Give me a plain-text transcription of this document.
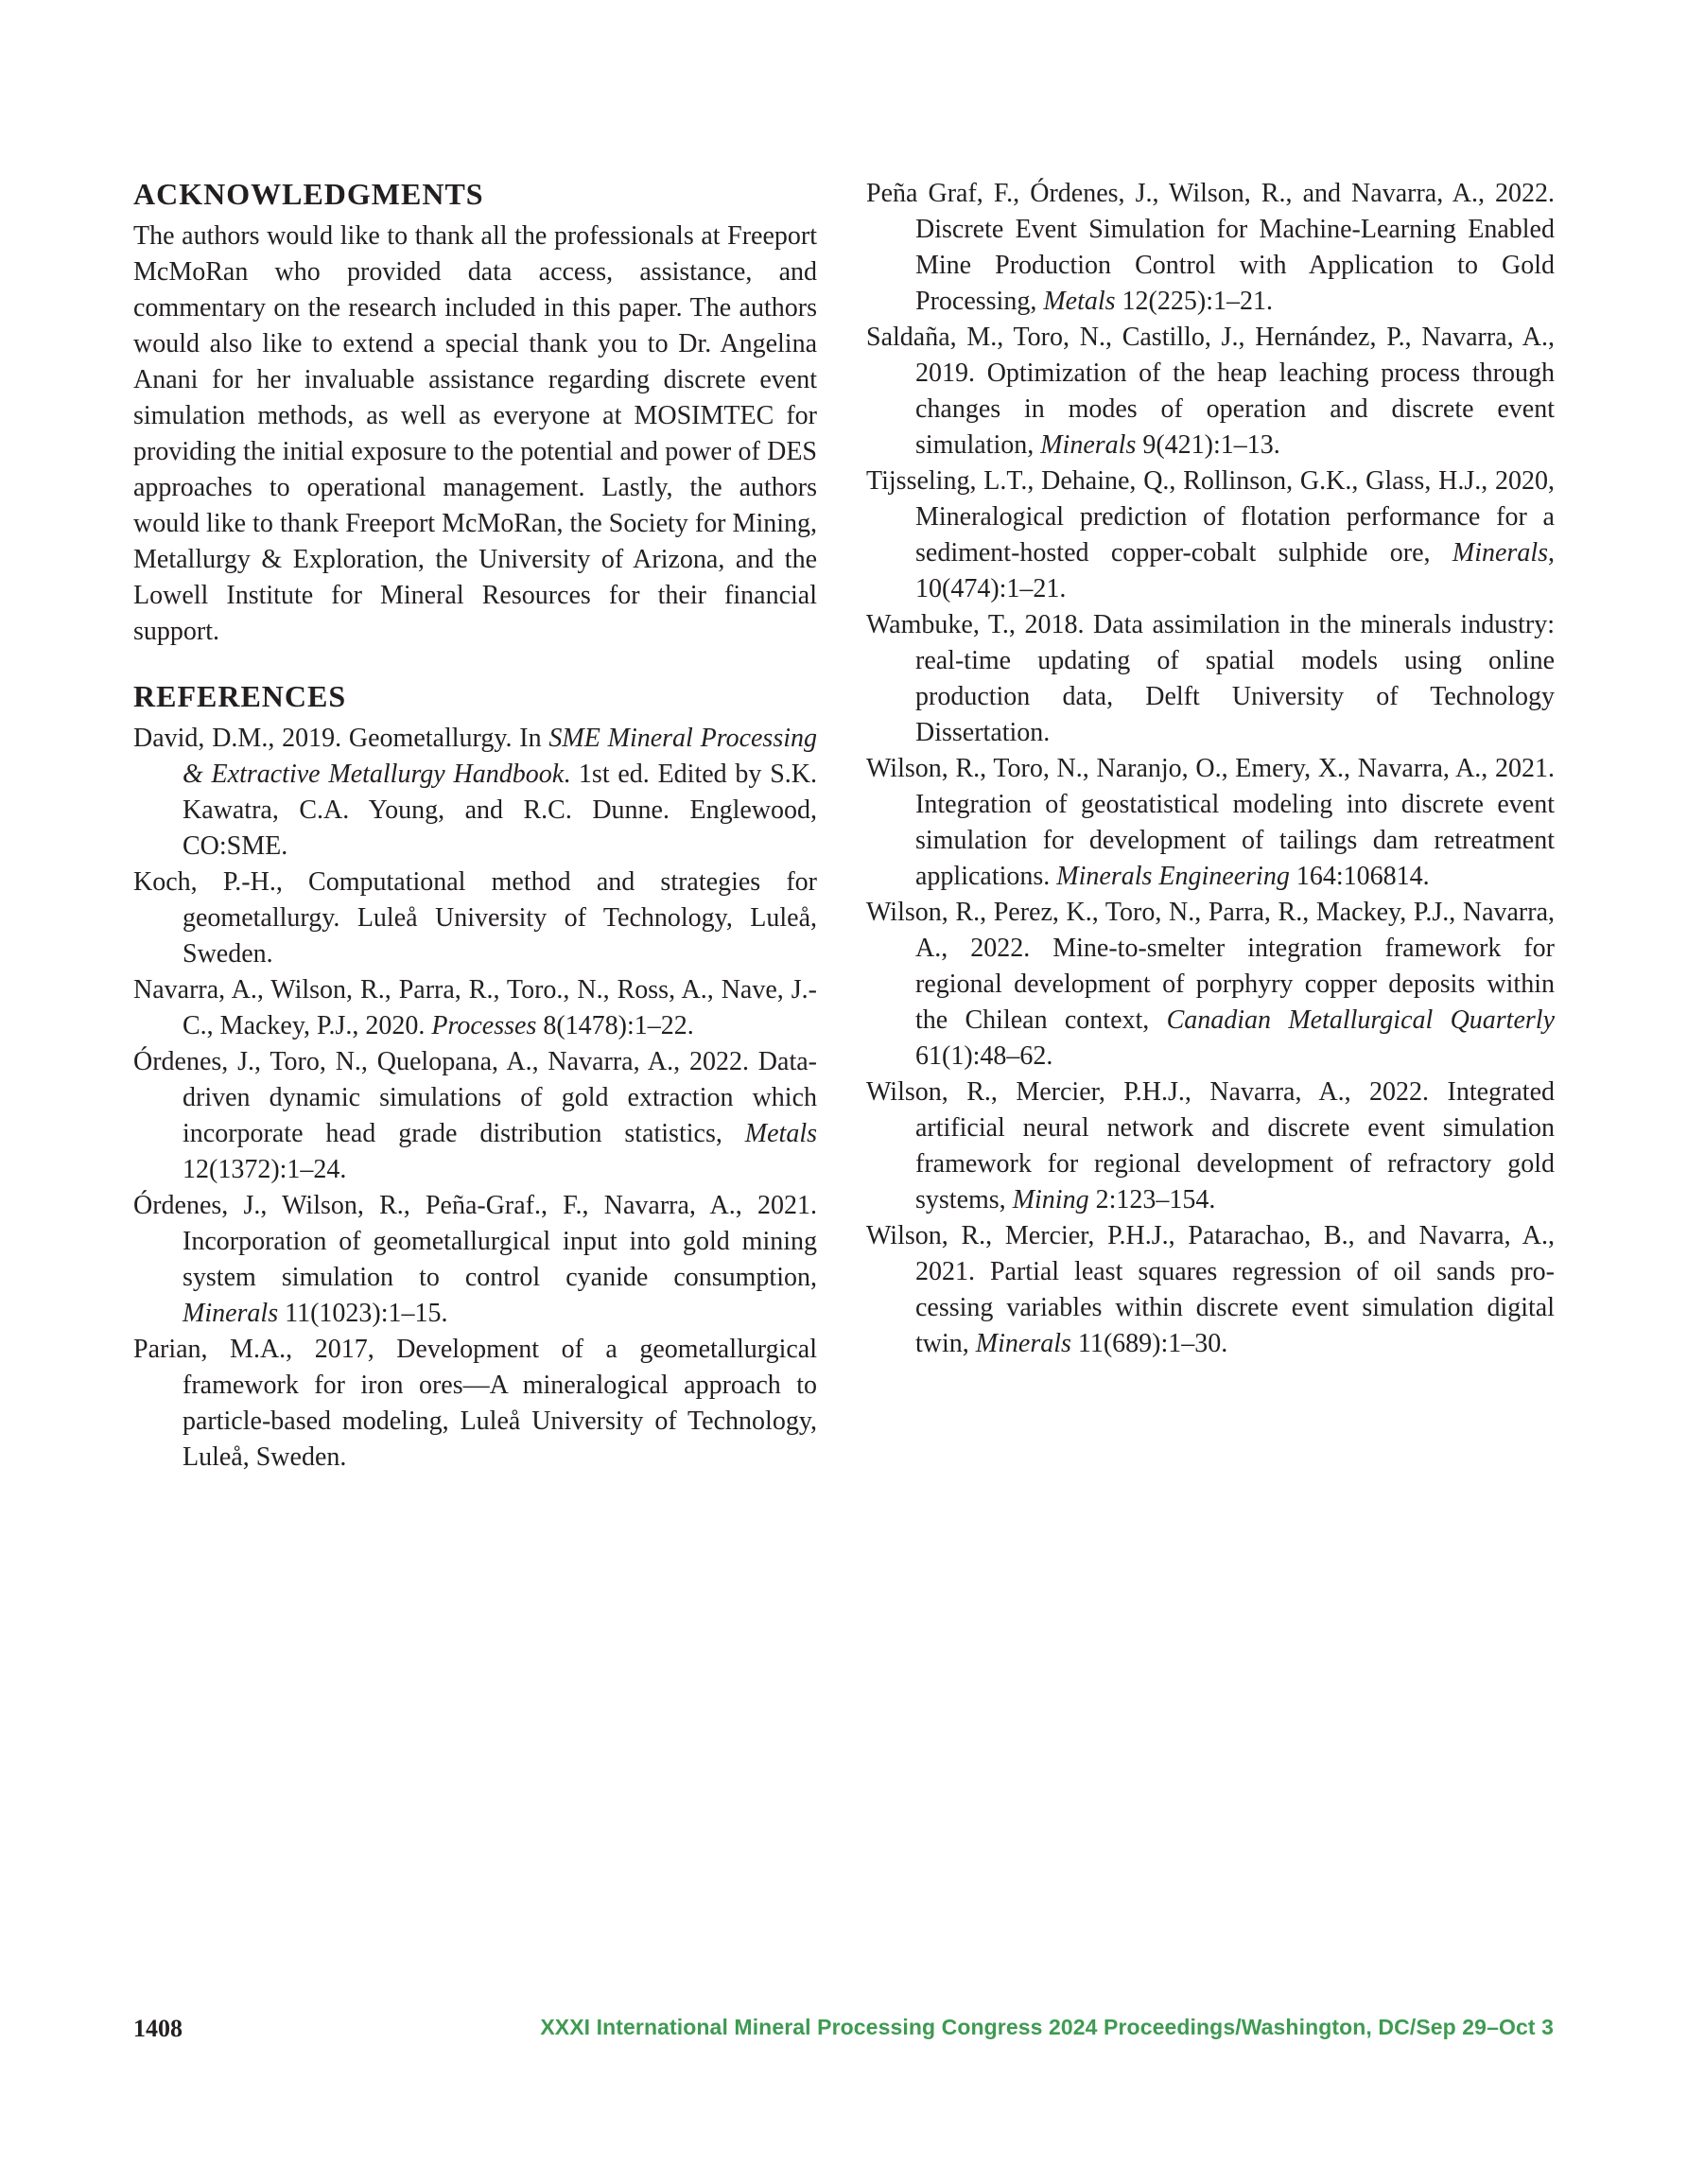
ACKNOWLEDGMENTS

The authors would like to thank all the professionals at Freeport McMoRan who provided data access, assistance, and commentary on the research included in this paper. The authors would also like to extend a special thank you to Dr. Angelina Anani for her invaluable assistance regarding discrete event simulation methods, as well as everyone at MOSIMTEC for providing the initial exposure to the potential and power of DES approaches to operational management. Lastly, the authors would like to thank Freeport McMoRan, the Society for Mining, Metallurgy & Exploration, the University of Arizona, and the Lowell Institute for Mineral Resources for their financial support.

REFERENCES

David, D.M., 2019. Geometallurgy. In SME Mineral Processing & Extractive Metallurgy Handbook. 1st ed. Edited by S.K. Kawatra, C.A. Young, and R.C. Dunne. Englewood, CO:SME.

Koch, P.-H., Computational method and strategies for geometallurgy. Luleå University of Technology, Luleå, Sweden.

Navarra, A., Wilson, R., Parra, R., Toro., N., Ross, A., Nave, J.-C., Mackey, P.J., 2020. Processes 8(1478):1–22.

Órdenes, J., Toro, N., Quelopana, A., Navarra, A., 2022. Data-driven dynamic simulations of gold extraction which incorporate head grade distribution statistics, Metals 12(1372):1–24.

Órdenes, J., Wilson, R., Peña-Graf., F., Navarra, A., 2021. Incorporation of geometallurgical input into gold mining system simulation to control cyanide consumption, Minerals 11(1023):1–15.

Parian, M.A., 2017, Development of a geometallurgical framework for iron ores—A mineralogical approach to particle-based modeling, Luleå University of Technology, Luleå, Sweden.

Peña Graf, F., Órdenes, J., Wilson, R., and Navarra, A., 2022. Discrete Event Simulation for Machine-Learning Enabled Mine Production Control with Application to Gold Processing, Metals 12(225):1–21.

Saldaña, M., Toro, N., Castillo, J., Hernández, P., Navarra, A., 2019. Optimization of the heap leaching process through changes in modes of operation and discrete event simulation, Minerals 9(421):1–13.

Tijsseling, L.T., Dehaine, Q., Rollinson, G.K., Glass, H.J., 2020, Mineralogical prediction of flotation performance for a sediment-hosted copper-cobalt sulphide ore, Minerals, 10(474):1–21.

Wambuke, T., 2018. Data assimilation in the minerals industry: real-time updating of spatial models using online production data, Delft University of Technology Dissertation.

Wilson, R., Toro, N., Naranjo, O., Emery, X., Navarra, A., 2021. Integration of geostatistical modeling into discrete event simulation for development of tailings dam retreatment applications. Minerals Engineering 164:106814.

Wilson, R., Perez, K., Toro, N., Parra, R., Mackey, P.J., Navarra, A., 2022. Mine-to-smelter integration framework for regional development of porphyry copper deposits within the Chilean context, Canadian Metallurgical Quarterly 61(1):48–62.

Wilson, R., Mercier, P.H.J., Navarra, A., 2022. Integrated artificial neural network and discrete event simulation framework for regional development of refractory gold systems, Mining 2:123–154.

Wilson, R., Mercier, P.H.J., Patarachao, B., and Navarra, A., 2021. Partial least squares regression of oil sands processing variables within discrete event simulation digital twin, Minerals 11(689):1–30.

1408	XXXI International Mineral Processing Congress 2024 Proceedings/Washington, DC/Sep 29–Oct 3
